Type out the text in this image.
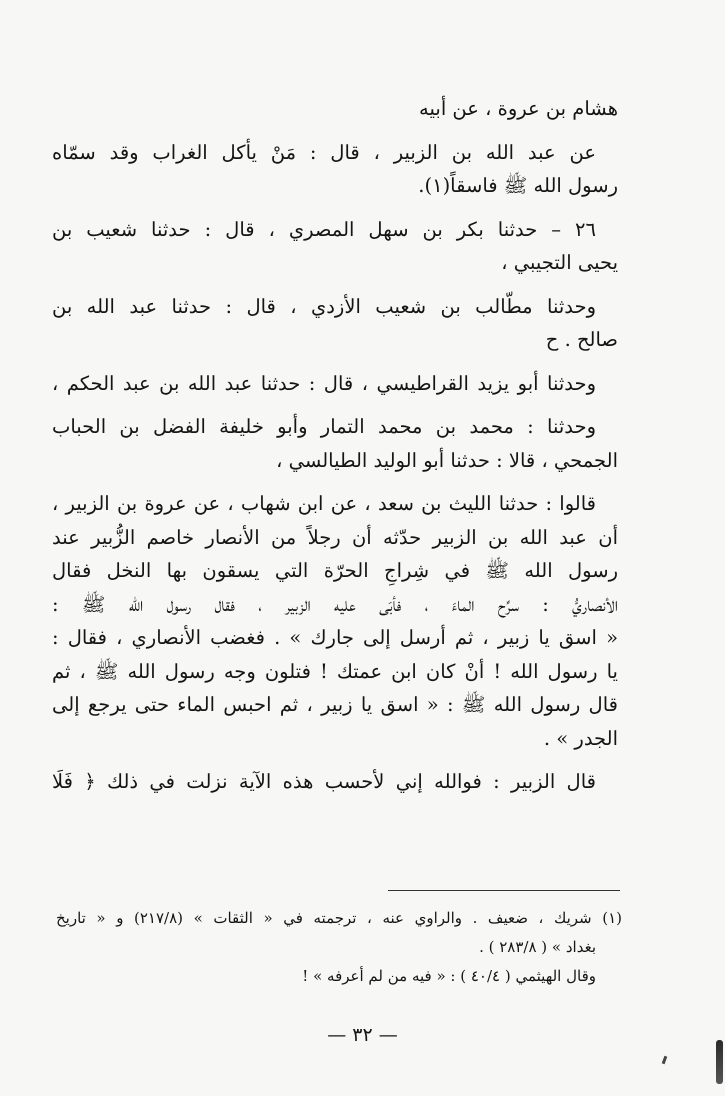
هشام بن عروة ، عن أبيه
عن عبد الله بن الزبير ، قال : مَنْ يأكل الغراب وقد سمّاه
رسول الله ﷺ فاسقاً(١).
٢٦ – حدثنا بكر بن سهل المصري ، قال : حدثنا شعيب بن
يحيى التجيبي ،
وحدثنا مطّالب بن شعيب الأزدي ، قال : حدثنا عبد الله بن
صالح . ح
وحدثنا أبو يزيد القراطيسي ، قال : حدثنا عبد الله بن عبد الحكم ،
وحدثنا : محمد بن محمد التمار وأبو خليفة الفضل بن الحباب
الجمحي ، قالا : حدثنا أبو الوليد الطيالسي ،
قالوا : حدثنا الليث بن سعد ، عن ابن شهاب ، عن عروة بن الزبير ،
أن عبد الله بن الزبير حدّثه أن رجلاً من الأنصار خاصم الزُّبير عند
رسول الله ﷺ في شِراجِ الحرّة التي يسقون بها النخل فقال
الأنصاريُّ : سرِّح الماءَ ، فأبَى عليه الزبير ، فقال رسول الله ﷺ :
« اسق يا زبير ، ثم أرسل إلى جارك » . فغضب الأنصاري ، فقال :
يا رسول الله ! أنْ كان ابن عمتك ! فتلون وجه رسول الله ﷺ ، ثم
قال رسول الله ﷺ : « اسق يا زبير ، ثم احبس الماء حتى يرجع إلى
الجدر » .
قال الزبير : فوالله إني لأحسب هذه الآية نزلت في ذلك ﴿ فَلَا
(١) شريك ، ضعيف . والراوي عنه ، ترجمته في « الثقات » (٢١٧/٨) و « تاريخ
بغداد » ( ٢٨٣/٨ ) .
وقال الهيثمي ( ٤٠/٤ ) : « فيه من لم أعرفه » !
— ٣٢ —
